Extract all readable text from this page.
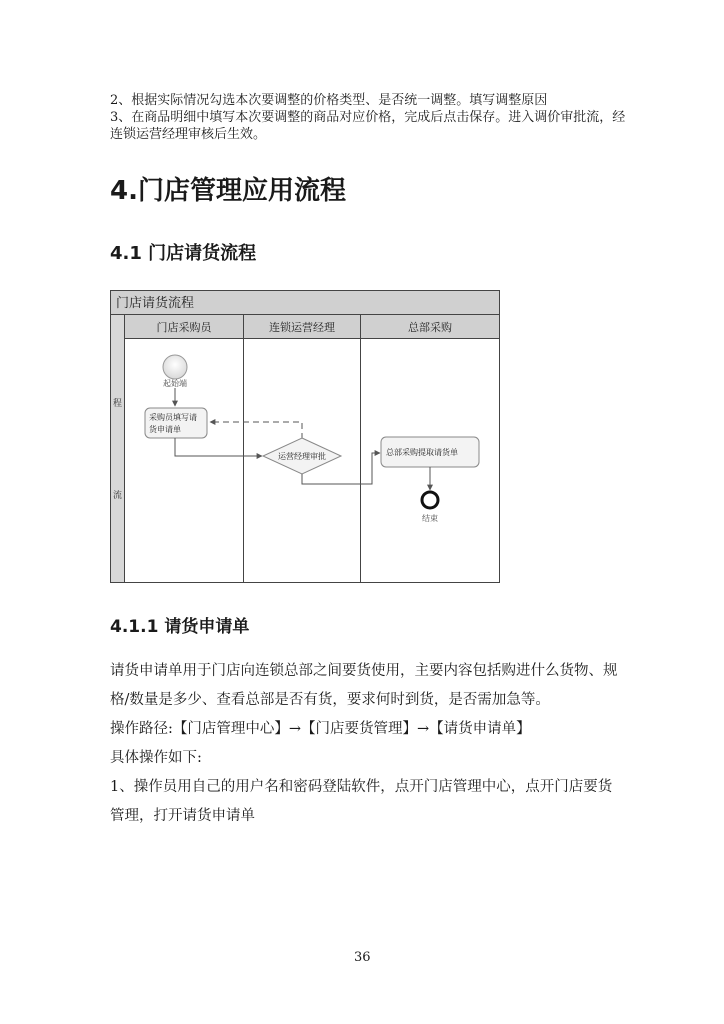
2、根据实际情况勾选本次要调整的价格类型、是否统一调整。填写调整原因
3、在商品明细中填写本次要调整的商品对应价格，完成后点击保存。进入调价审批流，经
连锁运营经理审核后生效。
4.门店管理应用流程
4.1 门店请货流程
门店请货流程
程
流
门店采购员	连锁运营经理	总部采购
起始端
采购员填写请
货申请单
运营经理审批	总部采购提取请货单
结束
4.1.1 请货申请单
请货申请单用于门店向连锁总部之间要货使用，主要内容包括购进什么货物、规
格/数量是多少、查看总部是否有货，要求何时到货，是否需加急等。
操作路径:【门店管理中心】→【门店要货管理】→【请货申请单】
具体操作如下:
1、操作员用自己的用户名和密码登陆软件，点开门店管理中心，点开门店要货
管理，打开请货申请单
36
